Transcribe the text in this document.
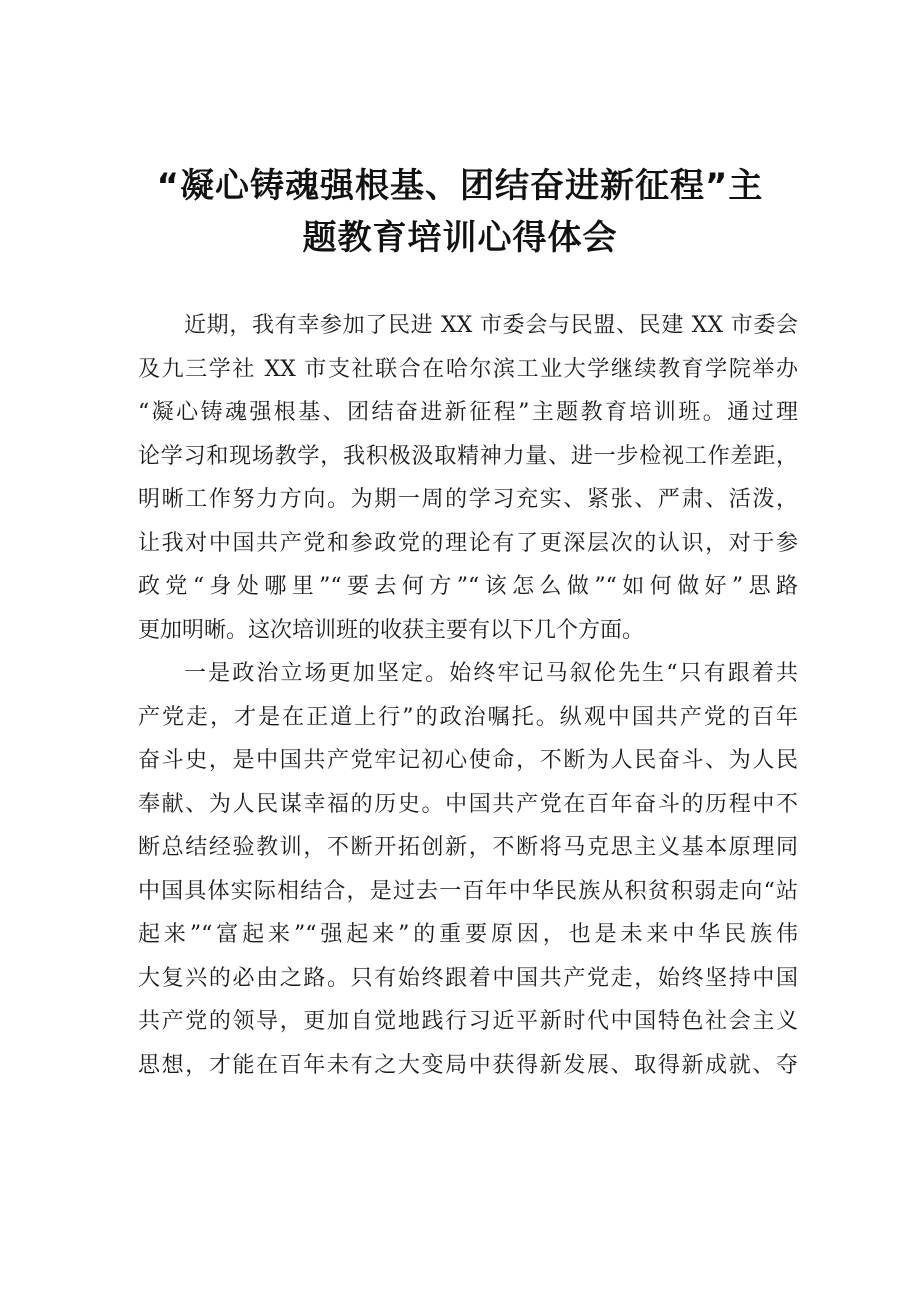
“凝心铸魂强根基、团结奋进新征程”主
题教育培训心得体会
近期，我有幸参加了民进 XX 市委会与民盟、民建 XX 市委会
及九三学社 XX 市支社联合在哈尔滨工业大学继续教育学院举办
“凝心铸魂强根基、团结奋进新征程”主题教育培训班。通过理
论学习和现场教学，我积极汲取精神力量、进一步检视工作差距，
明晰工作努力方向。为期一周的学习充实、紧张、严肃、活泼，
让我对中国共产党和参政党的理论有了更深层次的认识，对于参
政党“身处哪里”“要去何方”“该怎么做”“如何做好”思路
更加明晰。这次培训班的收获主要有以下几个方面。
一是政治立场更加坚定。始终牢记马叙伦先生“只有跟着共
产党走，才是在正道上行”的政治嘱托。纵观中国共产党的百年
奋斗史，是中国共产党牢记初心使命，不断为人民奋斗、为人民
奉献、为人民谋幸福的历史。中国共产党在百年奋斗的历程中不
断总结经验教训，不断开拓创新，不断将马克思主义基本原理同
中国具体实际相结合，是过去一百年中华民族从积贫积弱走向“站
起来”“富起来”“强起来”的重要原因，也是未来中华民族伟
大复兴的必由之路。只有始终跟着中国共产党走，始终坚持中国
共产党的领导，更加自觉地践行习近平新时代中国特色社会主义
思想，才能在百年未有之大变局中获得新发展、取得新成就、夺
